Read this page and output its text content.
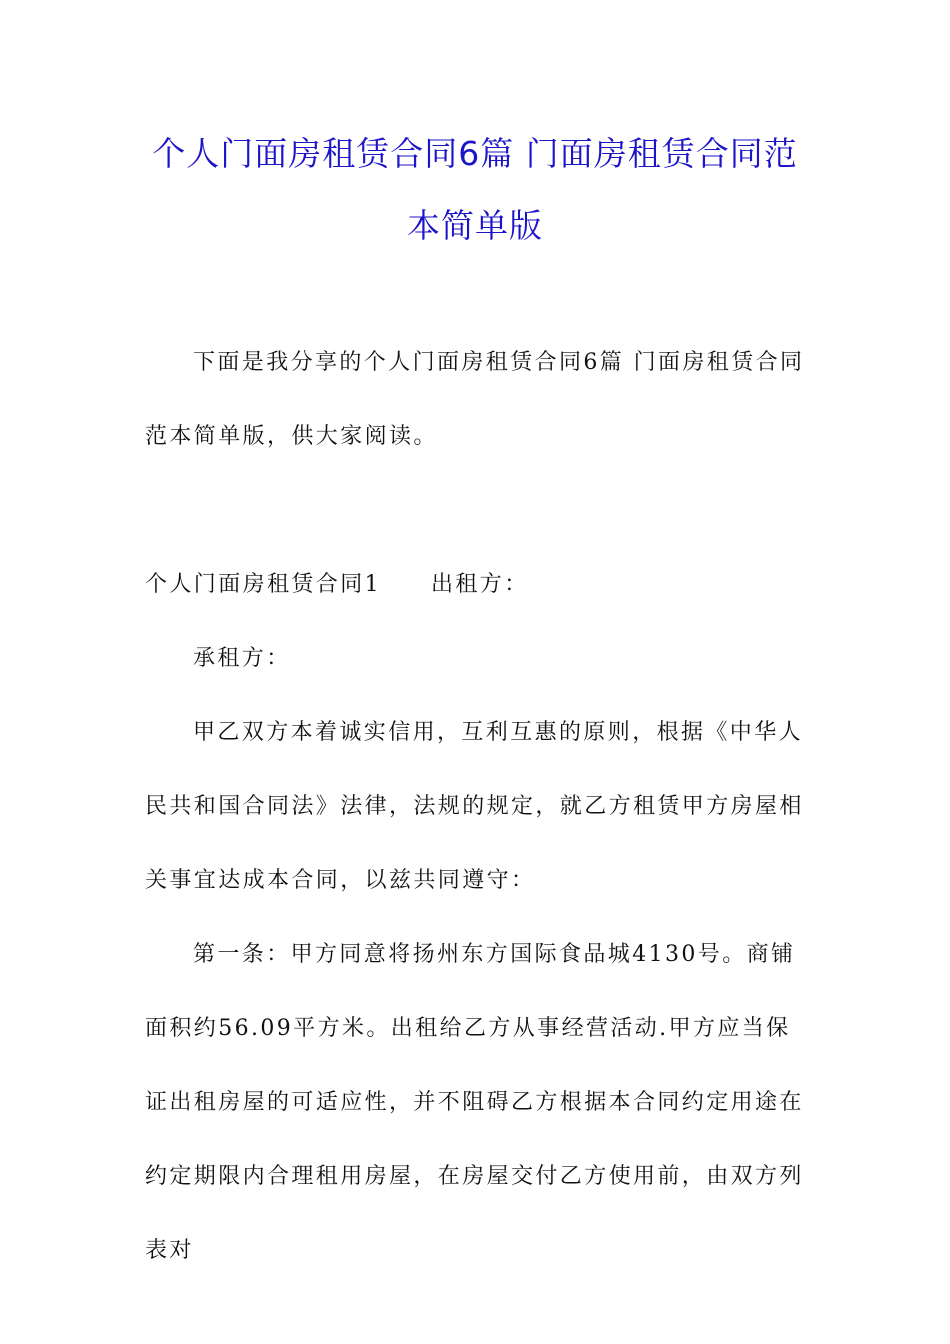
个人门面房租赁合同6篇 门面房租赁合同范本简单版

下面是我分享的个人门面房租赁合同6篇 门面房租赁合同范本简单版，供大家阅读。

个人门面房租赁合同1 出租方：

承租方：

甲乙双方本着诚实信用，互利互惠的原则，根据《中华人民共和国合同法》法律，法规的规定，就乙方租赁甲方房屋相关事宜达成本合同，以兹共同遵守：

第一条：甲方同意将扬州东方国际食品城4130号。商铺面积约56.09平方米。出租给乙方从事经营活动.甲方应当保证出租房屋的可适应性，并不阻碍乙方根据本合同约定用途在约定期限内合理租用房屋，在房屋交付乙方使用前，由双方列表对
